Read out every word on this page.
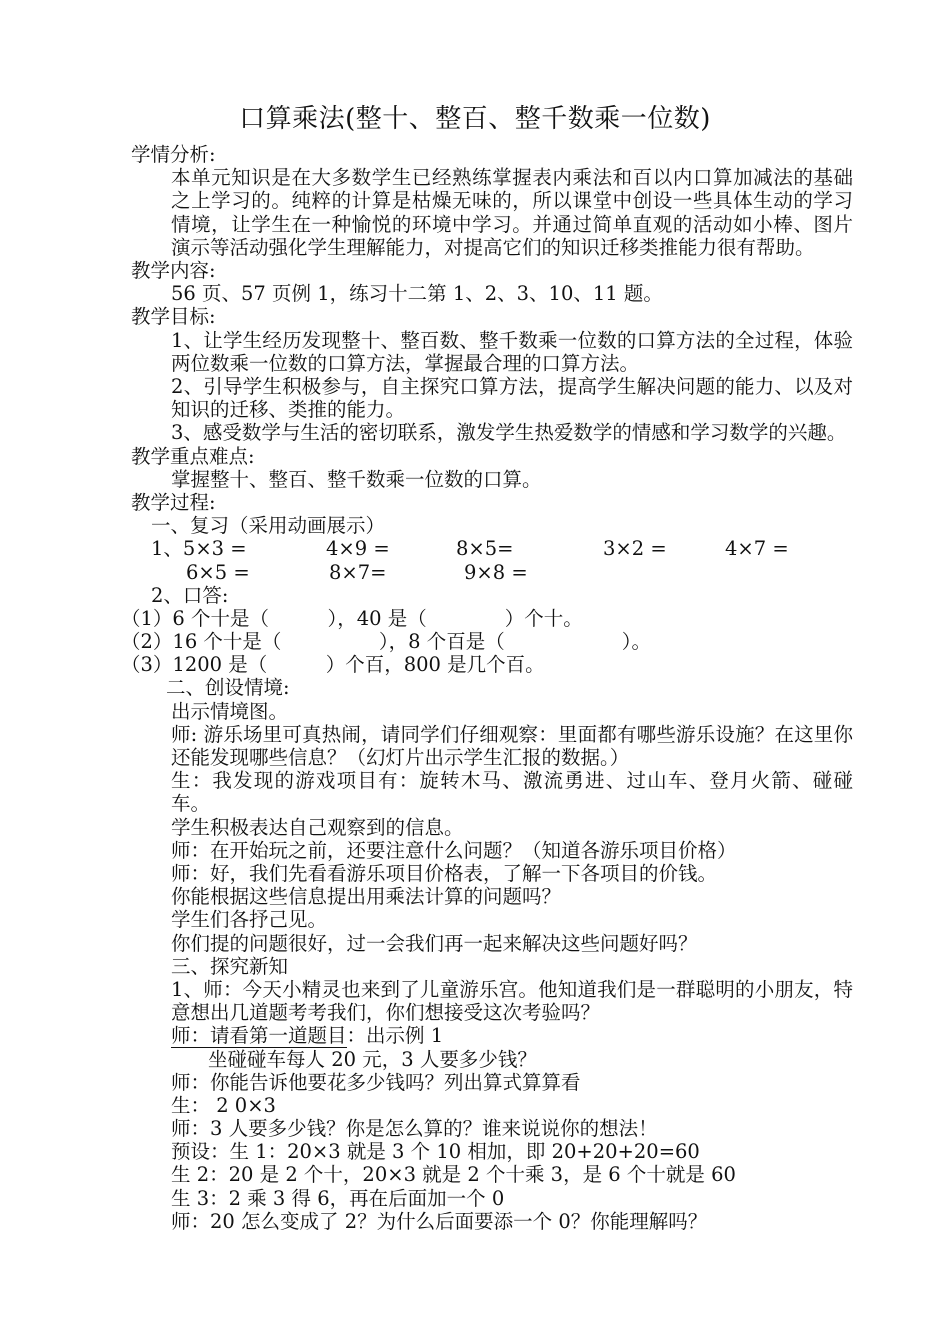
口算乘法(整十、整百、整千数乘一位数)
学情分析:
本单元知识是在大多数学生已经熟练掌握表内乘法和百以内口算加减法的基础之上学习的。纯粹的计算是枯燥无味的，所以课堂中创设一些具体生动的学习情境，让学生在一种愉悦的环境中学习。并通过简单直观的活动如小棒、图片演示等活动强化学生理解能力，对提高它们的知识迁移类推能力很有帮助。
教学内容:
56 页、57 页例 1，练习十二第 1、2、3、10、11 题。
教学目标:
1、让学生经历发现整十、整百数、整千数乘一位数的口算方法的全过程，体验两位数乘一位数的口算方法，掌握最合理的口算方法。
2、引导学生积极参与，自主探究口算方法，提高学生解决问题的能力、以及对知识的迁移、类推的能力。
3、感受数学与生活的密切联系，激发学生热爱数学的情感和学习数学的兴趣。
教学重点难点:
掌握整十、整百、整千数乘一位数的口算。
教学过程:
一、复习（采用动画展示）
1、5×3 =	4×9 =	8×5=	3×2 =	4×7 =
6×5 =	8×7=	9×8 =
2、口答:
（1）6 个十是（　　　），40 是（　　　　）个十。
（2）16 个十是（　　　　　），8 个百是（　　　　　　）。
（3）1200 是（　　　）个百，800 是几个百。
二、创设情境:
出示情境图。
师: 游乐场里可真热闹，请同学们仔细观察：里面都有哪些游乐设施？在这里你还能发现哪些信息？（幻灯片出示学生汇报的数据。）
生：我发现的游戏项目有：旋转木马、激流勇进、过山车、登月火箭、碰碰车。
学生积极表达自己观察到的信息。
师：在开始玩之前，还要注意什么问题？（知道各游乐项目价格）
师：好，我们先看看游乐项目价格表，了解一下各项目的价钱。
你能根据这些信息提出用乘法计算的问题吗？
学生们各抒己见。
你们提的问题很好，过一会我们再一起来解决这些问题好吗？
三、探究新知
1、师：今天小精灵也来到了儿童游乐宫。他知道我们是一群聪明的小朋友，特意想出几道题考考我们，你们想接受这次考验吗？
师：请看第一道题目：出示例 1
坐碰碰车每人 20 元，3 人要多少钱？
师：你能告诉他要花多少钱吗？列出算式算算看
生： 2 0×3
师：3 人要多少钱？你是怎么算的？谁来说说你的想法！
预设：生 1：20×3 就是 3 个 10 相加，即 20+20+20=60
生 2：20 是 2 个十，20×3 就是 2 个十乘 3，是 6 个十就是 60
生 3：2 乘 3 得 6，再在后面加一个 0
师：20 怎么变成了 2？为什么后面要添一个 0？你能理解吗？
